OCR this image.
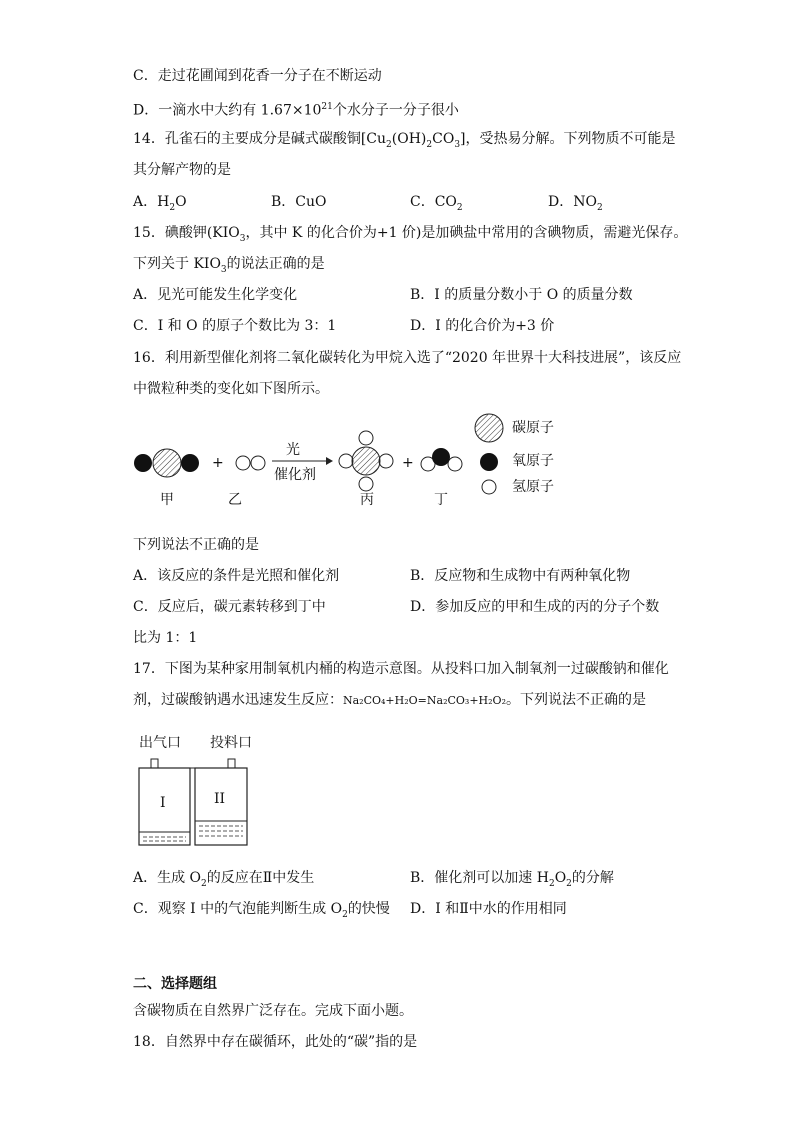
C．走过花圃闻到花香一分子在不断运动
D．一滴水中大约有 $1.67\times 10^{21}$个水分子一分子很小
14．孔雀石的主要成分是碱式碳酸铜$[Cu_2(OH)_2CO_3]$，受热易分解。下列物质不可能是
其分解产物的是
A．$H_2O$	B．CuO	C．$CO_2$	D．$NO_2$
15．碘酸钾($KIO_3$，其中 K 的化合价为+1 价)是加碘盐中常用的含碘物质，需避光保存。
下列关于 $KIO_3$的说法正确的是
A．见光可能发生化学变化	B．I 的质量分数小于 O 的质量分数
C．I 和 O 的原子个数比为 3：1	D．I 的化合价为+3 价
16．利用新型催化剂将二氧化碳转化为甲烷入选了“2020 年世界十大科技进展”，该反应
中微粒种类的变化如下图所示。
+	+
光
催化剂
甲	乙	丙	丁
碳原子
氧原子
氢原子
下列说法不正确的是
A．该反应的条件是光照和催化剂	B．反应物和生成物中有两种氧化物
C．反应后，碳元素转移到丁中	D．参加反应的甲和生成的丙的分子个数
比为 1：1
17．下图为某种家用制氧机内桶的构造示意图。从投料口加入制氧剂一过碳酸钠和催化
剂，过碳酸钠遇水迅速发生反应：Na₂CO₄+H₂O=Na₂CO₃+H₂O₂。下列说法不正确的是
出气口 投料口
I	II
A．生成 $O_2$的反应在Ⅱ中发生	B．催化剂可以加速 $H_2O_2$的分解
C．观察 I 中的气泡能判断生成 $O_2$的快慢 D．I 和Ⅱ中水的作用相同
二、选择题组
含碳物质在自然界广泛存在。完成下面小题。
18．自然界中存在碳循环，此处的“碳”指的是
